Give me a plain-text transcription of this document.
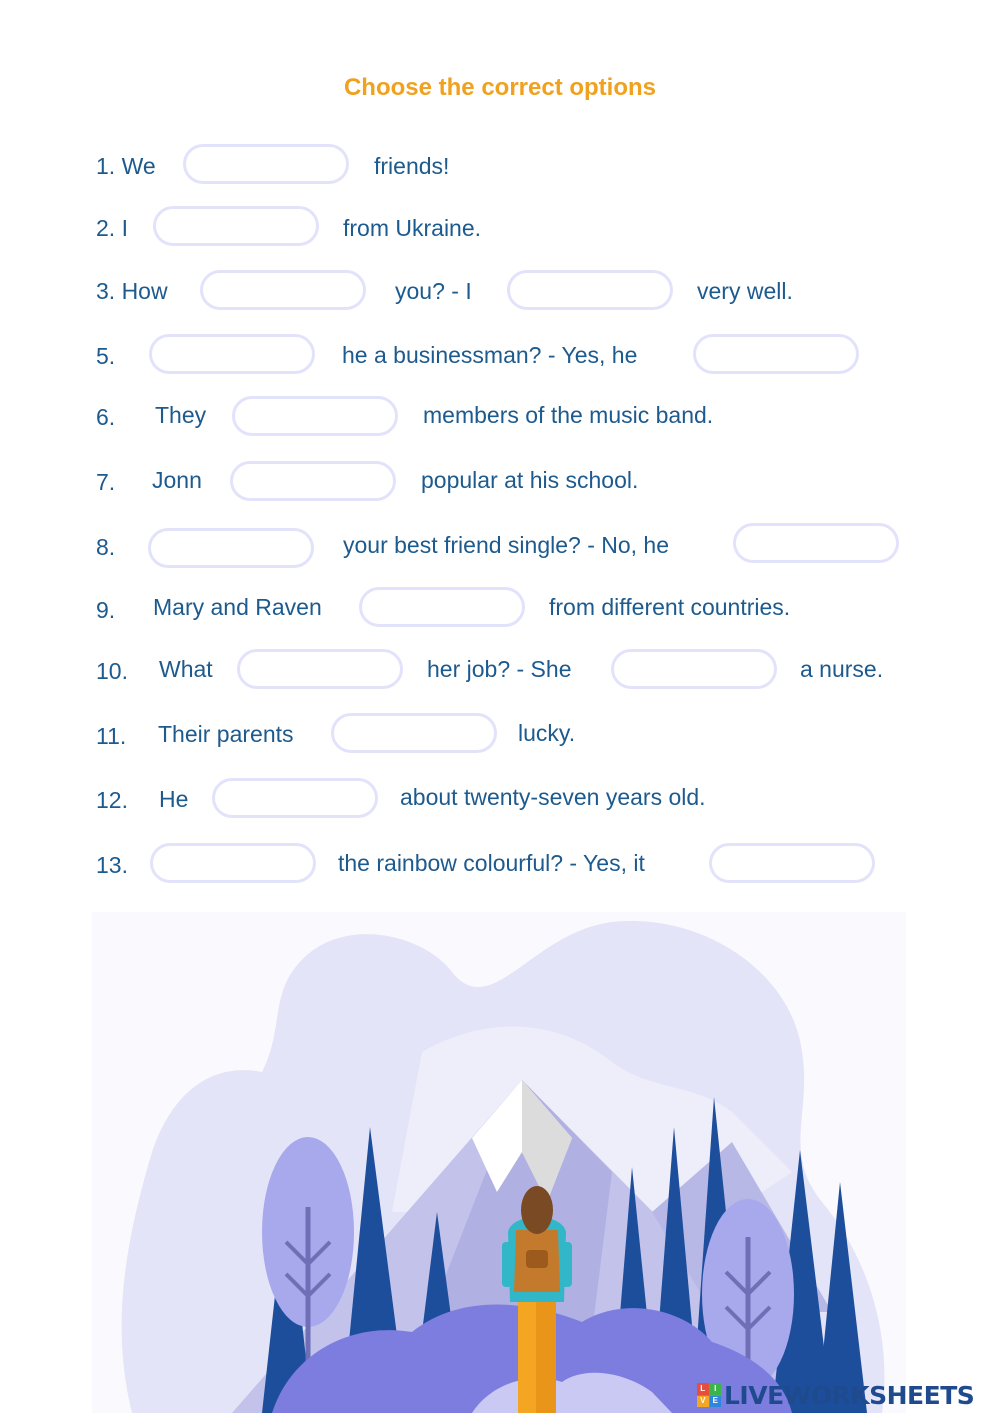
Choose the correct options
1. We	friends!
2. I	from Ukraine.
3. How	you? - I	very well.
5.	he a businessman? - Yes, he
6. They	members of the music band.
7. Jonn	popular at his school.
8.	your best friend single? - No, he
9. Mary and Raven	from different countries.
10. What	her job? - She	a nurse.
11. Their parents	lucky.
12. He	about twenty-seven years old.
13.	the rainbow colourful? - Yes, it
L	I
V E LIVEWORKSHEETS
